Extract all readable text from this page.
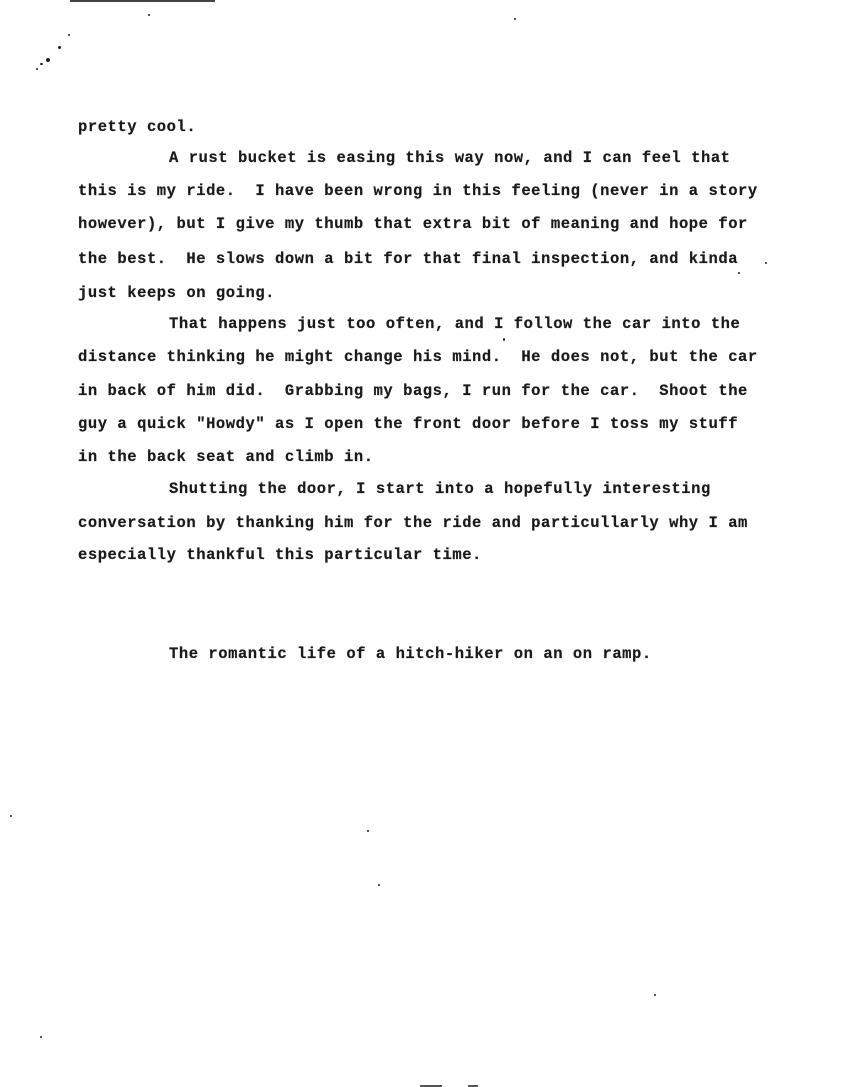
pretty cool.
A rust bucket is easing this way now, and I can feel that
this is my ride.  I have been wrong in this feeling (never in a story
however), but I give my thumb that extra bit of meaning and hope for
the best.  He slows down a bit for that final inspection, and kinda
just keeps on going.
That happens just too often, and I follow the car into the
distance thinking he might change his mind.  He does not, but the car
in back of him did.  Grabbing my bags, I run for the car.  Shoot the
guy a quick "Howdy" as I open the front door before I toss my stuff
in the back seat and climb in.
Shutting the door, I start into a hopefully interesting
conversation by thanking him for the ride and particullarly why I am
especially thankful this particular time.
The romantic life of a hitch-hiker on an on ramp.
